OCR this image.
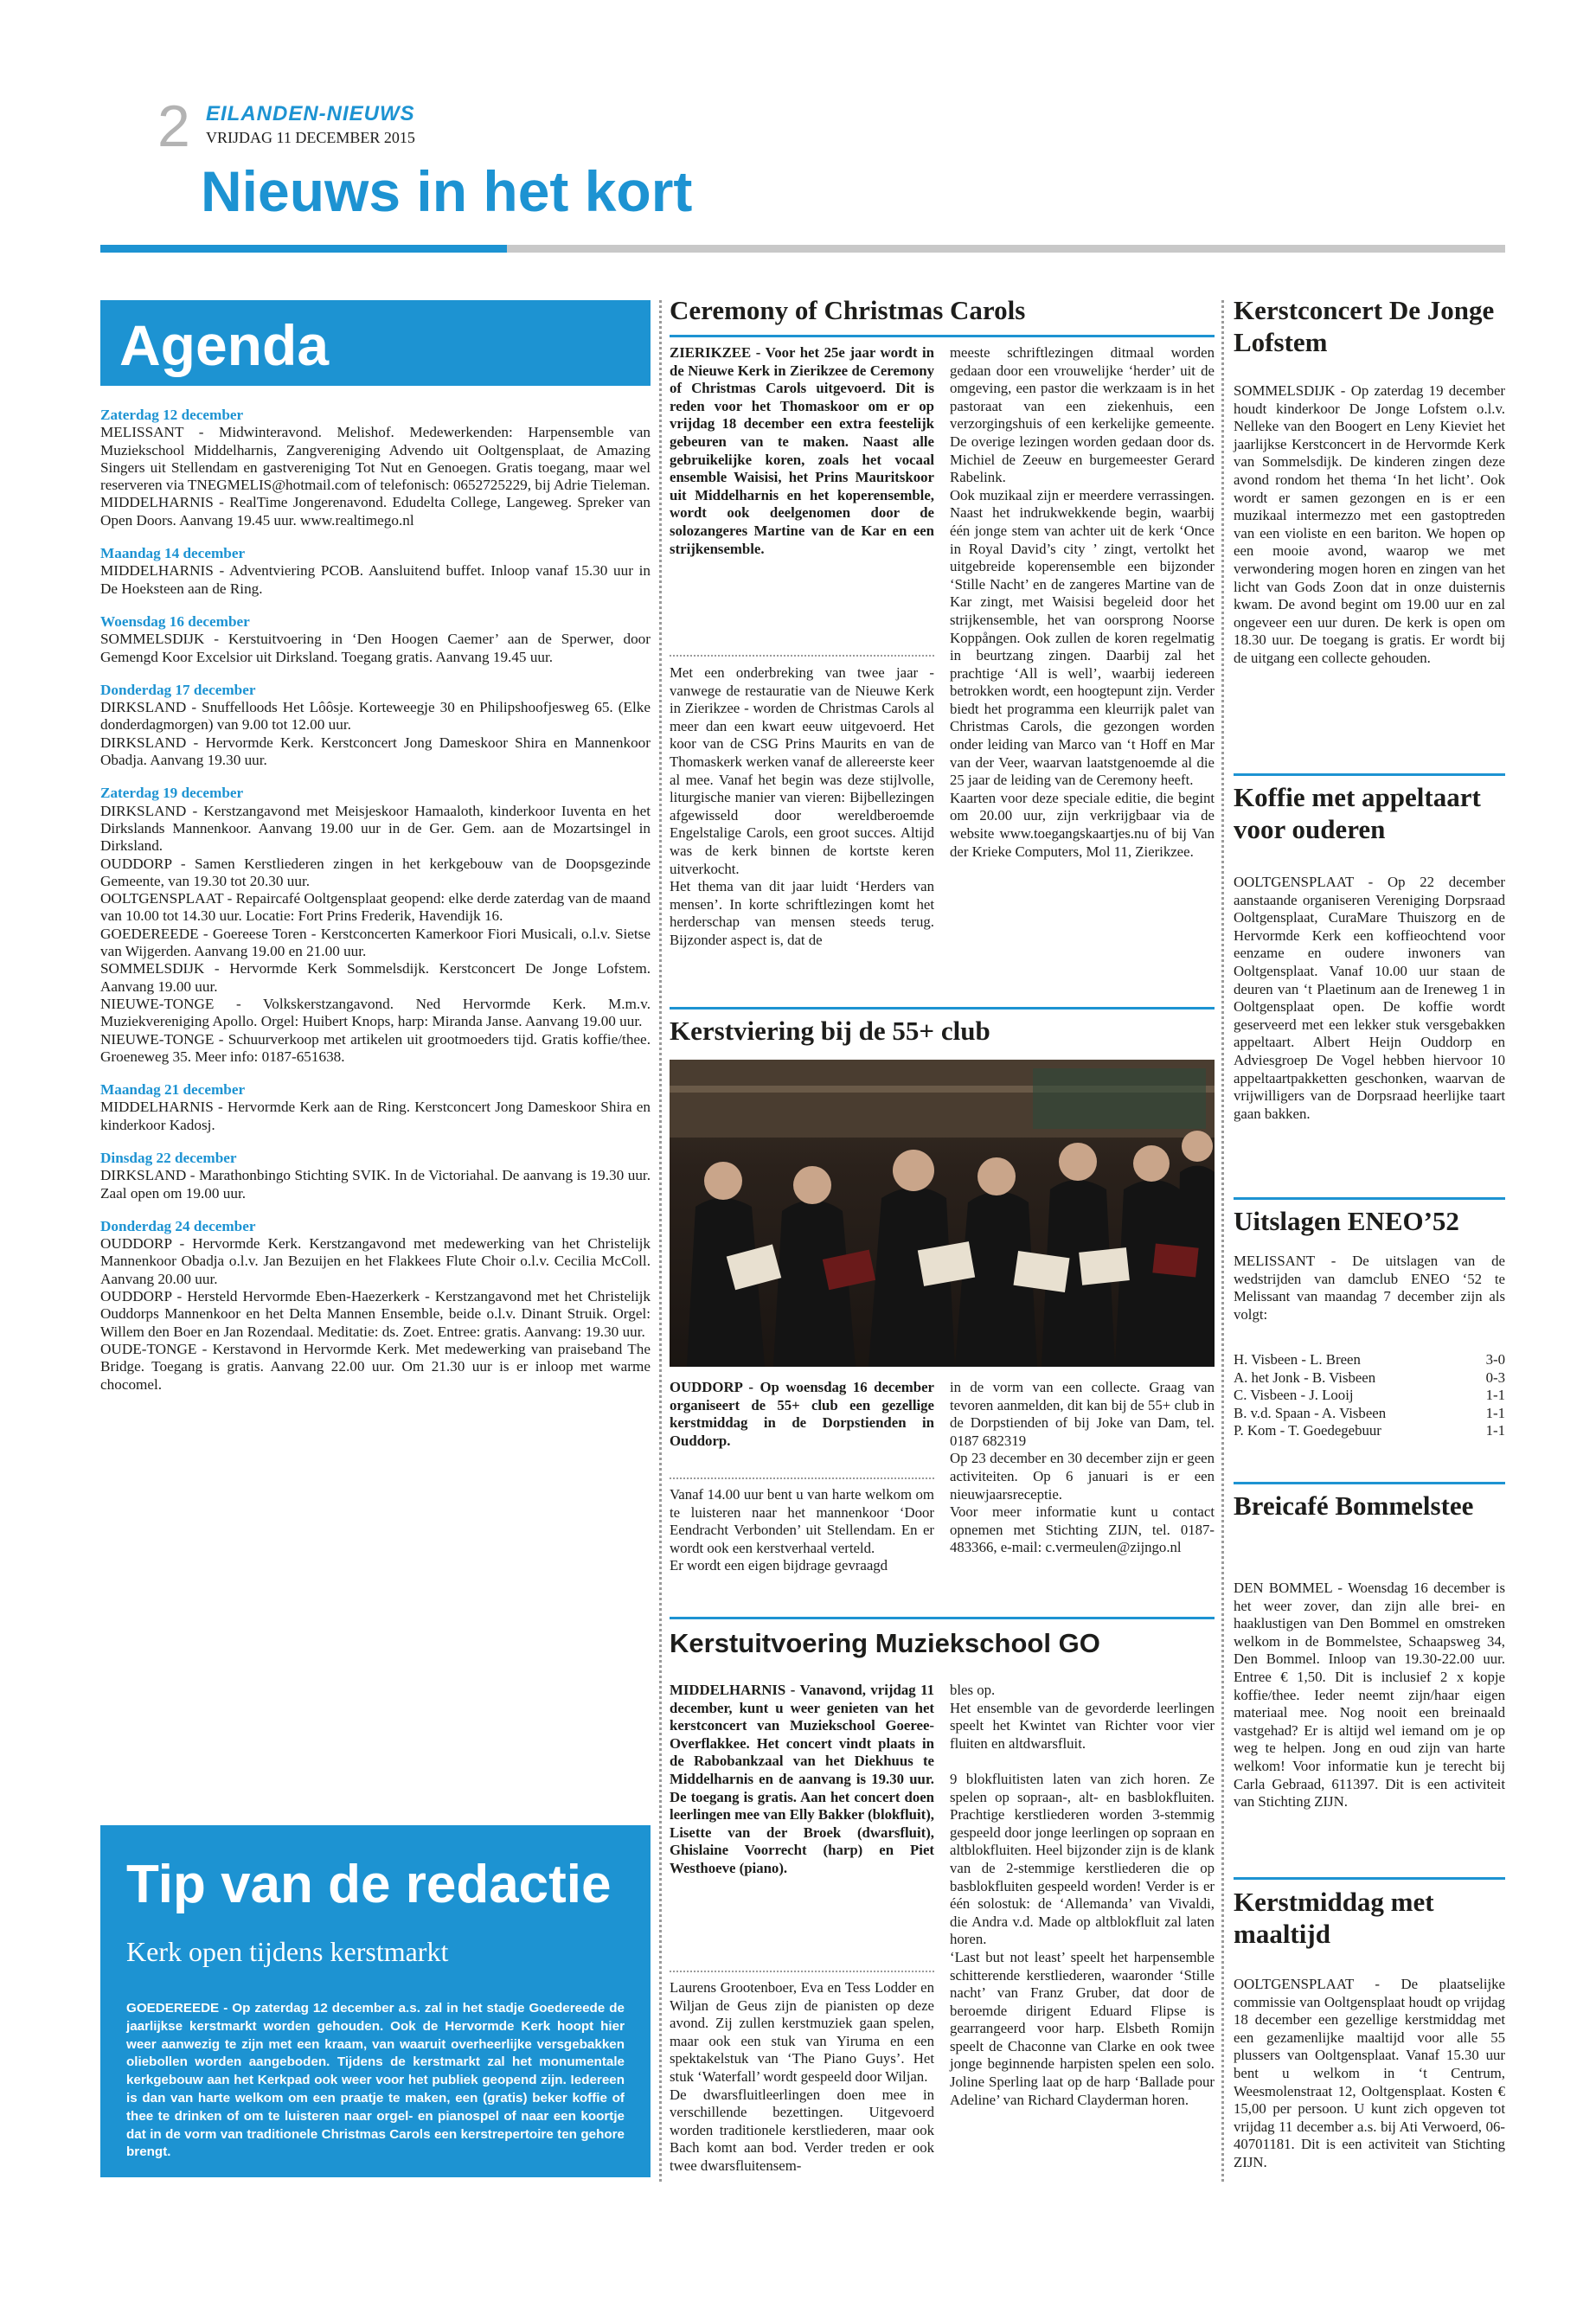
2 EILANDEN-NIEUWS
VRIJDAG 11 DECEMBER 2015
Nieuws in het kort
Agenda
Zaterdag 12 december

MELISSANT - Midwinteravond. Melishof. Medewerkenden: Harpensemble van Muziekschool Middelharnis, Zangvereniging Advendo uit Ooltgensplaat, de Amazing Singers uit Stellendam en gastvereniging Tot Nut en Genoegen. Gratis toegang, maar wel reserveren via TNEGMELIS@hotmail.com of telefonisch: 0652725229, bij Adrie Tieleman.
MIDDELHARNIS - RealTime Jongerenavond. Edudelta College, Langeweg. Spreker van Open Doors. Aanvang 19.45 uur. www.realtimego.nl

Maandag 14 december

MIDDELHARNIS - Adventviering PCOB. Aansluitend buffet. Inloop vanaf 15.30 uur in De Hoeksteen aan de Ring.

Woensdag 16 december

SOMMELSDIJK - Kerstuitvoering in ‘Den Hoogen Caemer’ aan de Sperwer, door Gemengd Koor Excelsior uit Dirksland. Toegang gratis. Aanvang 19.45 uur.

Donderdag 17 december

DIRKSLAND - Snuffelloods Het Lôôsje. Korteweegje 30 en Philipshoofjesweg 65. (Elke donderdagmorgen) van 9.00 tot 12.00 uur.
DIRKSLAND - Hervormde Kerk. Kerstconcert Jong Dameskoor Shira en Mannenkoor Obadja. Aanvang 19.30 uur.

Zaterdag 19 december

DIRKSLAND - Kerstzangavond met Meisjeskoor Hamaaloth, kinderkoor Iuventa en het Dirkslands Mannenkoor. Aanvang 19.00 uur in de Ger. Gem. aan de Mozartsingel in Dirksland.
OUDDORP - Samen Kerstliederen zingen in het kerkgebouw van de Doopsgezinde Gemeente, van 19.30 tot 20.30 uur.
OOLTGENSPLAAT - Repaircafé Ooltgensplaat geopend: elke derde zaterdag van de maand van 10.00 tot 14.30 uur. Locatie: Fort Prins Frederik, Havendijk 16.
GOEDEREEDE - Goereese Toren - Kerstconcerten Kamerkoor Fiori Musicali, o.l.v. Sietse van Wijgerden. Aanvang 19.00 en 21.00 uur.
SOMMELSDIJK - Hervormde Kerk Sommelsdijk. Kerstconcert De Jonge Lofstem. Aanvang 19.00 uur.
NIEUWE-TONGE - Volkskerstzangavond. Ned Hervormde Kerk. M.m.v. Muziekvereniging Apollo. Orgel: Huibert Knops, harp: Miranda Janse. Aanvang 19.00 uur.
NIEUWE-TONGE - Schuurverkoop met artikelen uit grootmoeders tijd. Gratis koffie/thee. Groeneweg 35. Meer info: 0187-651638.

Maandag 21 december

MIDDELHARNIS - Hervormde Kerk aan de Ring. Kerstconcert Jong Dameskoor Shira en kinderkoor Kadosj.

Dinsdag 22 december

DIRKSLAND - Marathonbingo Stichting SVIK. In de Victoriahal. De aanvang is 19.30 uur. Zaal open om 19.00 uur.

Donderdag 24 december

OUDDORP - Hervormde Kerk. Kerstzangavond met medewerking van het Christelijk Mannenkoor Obadja o.l.v. Jan Bezuijen en het Flakkees Flute Choir o.l.v. Cecilia McColl. Aanvang 20.00 uur.
OUDDORP - Hersteld Hervormde Eben-Haezerkerk - Kerstzangavond met het Christelijk Ouddorps Mannenkoor en het Delta Mannen Ensemble, beide o.l.v. Dinant Struik. Orgel: Willem den Boer en Jan Rozendaal. Meditatie: ds. Zoet. Entree: gratis. Aanvang: 19.30 uur.
OUDE-TONGE - Kerstavond in Hervormde Kerk. Met medewerking van praiseband The Bridge. Toegang is gratis. Aanvang 22.00 uur. Om 21.30 uur is er inloop met warme chocomel.

Tip van de redactie
Kerk open tijdens kerstmarkt
GOEDEREEDE - Op zaterdag 12 december a.s. zal in het stadje Goedereede de jaarlijkse kerstmarkt worden gehouden. Ook de Hervormde Kerk hoopt hier weer aanwezig te zijn met een kraam, van waaruit overheerlijke versgebakken oliebollen worden aangeboden. Tijdens de kerstmarkt zal het monumentale kerkgebouw aan het Kerkpad ook weer voor het publiek geopend zijn. Iedereen is dan van harte welkom om een praatje te maken, een (gratis) beker koffie of thee te drinken of om te luisteren naar orgel- en pianospel of naar een koortje dat in de vorm van traditionele Christmas Carols een kerstrepertoire ten gehore brengt.
Ceremony of Christmas Carols
ZIERIKZEE - Voor het 25e jaar wordt in de Nieuwe Kerk in Zierikzee de Ceremony of Christmas Carols uitgevoerd. Dit is reden voor het Thomaskoor om er op vrijdag 18 december een extra feestelijk gebeuren van te maken. Naast alle gebruikelijke koren, zoals het vocaal ensemble Waisisi, het Prins Mauritskoor uit Middelharnis en het koperensemble, wordt ook deelgenomen door de solozangeres Martine van de Kar en een strijkensemble.
Met een onderbreking van twee jaar - vanwege de restauratie van de Nieuwe Kerk in Zierikzee - worden de Christmas Carols al meer dan een kwart eeuw uitgevoerd. Het koor van de CSG Prins Maurits en van de Thomaskerk werken vanaf de allereerste keer al mee. Vanaf het begin was deze stijlvolle, liturgische manier van vieren: Bijbellezingen afgewisseld door wereldberoemde Engelstalige Carols, een groot succes. Altijd was de kerk binnen de kortste keren uitverkocht.
Het thema van dit jaar luidt ‘Herders van mensen’. In korte schriftlezingen komt het herderschap van mensen steeds terug. Bijzonder aspect is, dat de
meeste schriftlezingen ditmaal worden gedaan door een vrouwelijke ‘herder’ uit de omgeving, een pastor die werkzaam is in het pastoraat van een ziekenhuis, een verzorgingshuis of een kerkelijke gemeente. De overige lezingen worden gedaan door ds. Michiel de Zeeuw en burgemeester Gerard Rabelink.
Ook muzikaal zijn er meerdere verrassingen. Naast het indrukwekkende begin, waarbij één jonge stem van achter uit de kerk ‘Once in Royal David’s city ’ zingt, vertolkt het uitgebreide koperensemble een bijzonder ‘Stille Nacht’ en de zangeres Martine van de Kar zingt, met Waisisi begeleid door het strijkensemble, het van oorsprong Noorse Koppången. Ook zullen de koren regelmatig in beurtzang zingen. Daarbij zal het prachtige ‘All is well’, waarbij iedereen betrokken wordt, een hoogtepunt zijn. Verder biedt het programma een kleurrijk palet van Christmas Carols, die gezongen worden onder leiding van Marco van ‘t Hoff en Mar van der Veer, waarvan laatstgenoemde al die 25 jaar de leiding van de Ceremony heeft.
Kaarten voor deze speciale editie, die begint om 20.00 uur, zijn verkrijgbaar via de website www.toegangskaartjes.nu of bij Van der Krieke Computers, Mol 11, Zierikzee.
Kerstviering bij de 55+ club
OUDDORP - Op woensdag 16 december organiseert de 55+ club een gezellige kerstmiddag in de Dorpstienden in Ouddorp.
Vanaf 14.00 uur bent u van harte welkom om te luisteren naar het mannenkoor ‘Door Eendracht Verbonden’ uit Stellendam. En er wordt ook een kerstverhaal verteld.
Er wordt een eigen bijdrage gevraagd
in de vorm van een collecte. Graag van tevoren aanmelden, dit kan bij de 55+ club in de Dorpstienden of bij Joke van Dam, tel. 0187 682319
Op 23 december en 30 december zijn er geen activiteiten. Op 6 januari is er een nieuwjaarsreceptie.
Voor meer informatie kunt u contact opnemen met Stichting ZIJN, tel. 0187-483366, e-mail: c.vermeulen@zijngo.nl
Kerstuitvoering Muziekschool GO
MIDDELHARNIS - Vanavond, vrijdag 11 december, kunt u weer genieten van het kerstconcert van Muziekschool Goeree-Overflakkee. Het concert vindt plaats in de Rabobankzaal van het Diekhuus te Middelharnis en de aanvang is 19.30 uur. De toegang is gratis. Aan het concert doen leerlingen mee van Elly Bakker (blokfluit), Lisette van der Broek (dwarsfluit), Ghislaine Voorrecht (harp) en Piet Westhoeve (piano).
Laurens Grootenboer, Eva en Tess Lodder en Wiljan de Geus zijn de pianisten op deze avond. Zij zullen kerstmuziek gaan spelen, maar ook een stuk van Yiruma en een spektakelstuk van ‘The Piano Guys’. Het stuk ‘Waterfall’ wordt gespeeld door Wiljan.
De dwarsfluitleerlingen doen mee in verschillende bezettingen. Uitgevoerd worden traditionele kerstliederen, maar ook Bach komt aan bod. Verder treden er ook twee dwarsfluitensem-
bles op.
Het ensemble van de gevorderde leerlingen speelt het Kwintet van Richter voor vier fluiten en altdwarsfluit.

9 blokfluitisten laten van zich horen. Ze spelen op sopraan-, alt- en basblokfluiten. Prachtige kerstliederen worden 3-stemmig gespeeld door jonge leerlingen op sopraan en altblokfluiten. Heel bijzonder zijn is de klank van de 2-stemmige kerstliederen die op basblokfluiten gespeeld worden! Verder is er één solostuk: de ‘Allemanda’ van Vivaldi, die Andra v.d. Made op altblokfluit zal laten horen.
‘Last but not least’ speelt het harpensemble schitterende kerstliederen, waaronder ‘Stille nacht’ van Franz Gruber, dat door de beroemde dirigent Eduard Flipse is gearrangeerd voor harp. Elsbeth Romijn speelt de Chaconne van Clarke en ook twee jonge beginnende harpisten spelen een solo. Joline Sperling laat op de harp ‘Ballade pour Adeline’ van Richard Clayderman horen.
Kerstconcert De Jonge Lofstem
SOMMELSDIJK - Op zaterdag 19 december houdt kinderkoor De Jonge Lofstem o.l.v. Nelleke van den Boogert en Leny Kieviet het jaarlijkse Kerstconcert in de Hervormde Kerk van Sommelsdijk. De kinderen zingen deze avond rondom het thema ‘In het licht’. Ook wordt er samen gezongen en is er een muzikaal intermezzo met een gastoptreden van een violiste en een bariton. We hopen op een mooie avond, waarop we met verwondering mogen horen en zingen van het licht van Gods Zoon dat in onze duisternis kwam. De avond begint om 19.00 uur en zal ongeveer een uur duren. De kerk is open om 18.30 uur. De toegang is gratis. Er wordt bij de uitgang een collecte gehouden.
Koffie met appeltaart voor ouderen
OOLTGENSPLAAT - Op 22 december aanstaande organiseren Vereniging Dorpsraad Ooltgensplaat, CuraMare Thuiszorg en de Hervormde Kerk een koffieochtend voor eenzame en oudere inwoners van Ooltgensplaat. Vanaf 10.00 uur staan de deuren van ‘t Plaetinum aan de Ireneweg 1 in Ooltgensplaat open. De koffie wordt geserveerd met een lekker stuk versgebakken appeltaart. Albert Heijn Ouddorp en Adviesgroep De Vogel hebben hiervoor 10 appeltaartpakketten geschonken, waarvan de vrijwilligers van de Dorpsraad heerlijke taart gaan bakken.
Uitslagen ENEO’52
MELISSANT - De uitslagen van de wedstrijden van damclub ENEO ‘52 te Melissant van maandag 7 december zijn als volgt:
H. Visbeen - L. Breen	3-0
A. het Jonk - B. Visbeen	0-3
C. Visbeen - J. Looij	1-1
B. v.d. Spaan - A. Visbeen	1-1
P. Kom - T. Goedegebuur	1-1
Breicafé Bommelstee
DEN BOMMEL - Woensdag 16 december is het weer zover, dan zijn alle brei- en haaklustigen van Den Bommel en omstreken welkom in de Bommelstee, Schaapsweg 34, Den Bommel. Inloop van 19.30-22.00 uur. Entree € 1,50. Dit is inclusief 2 x kopje koffie/thee. Ieder neemt zijn/haar eigen materiaal mee. Nog nooit een breinaald vastgehad? Er is altijd wel iemand om je op weg te helpen. Jong en oud zijn van harte welkom! Voor informatie kun je terecht bij Carla Gebraad, 611397. Dit is een activiteit van Stichting ZIJN.
Kerstmiddag met maaltijd
OOLTGENSPLAAT - De plaatselijke commissie van Ooltgensplaat houdt op vrijdag 18 december een gezellige kerstmiddag met een gezamenlijke maaltijd voor alle 55 plussers van Ooltgensplaat. Vanaf 15.30 uur bent u welkom in ‘t Centrum, Weesmolenstraat 12, Ooltgensplaat. Kosten € 15,00 per persoon. U kunt zich opgeven tot vrijdag 11 december a.s. bij Ati Verwoerd, 06-40701181. Dit is een activiteit van Stichting ZIJN.
